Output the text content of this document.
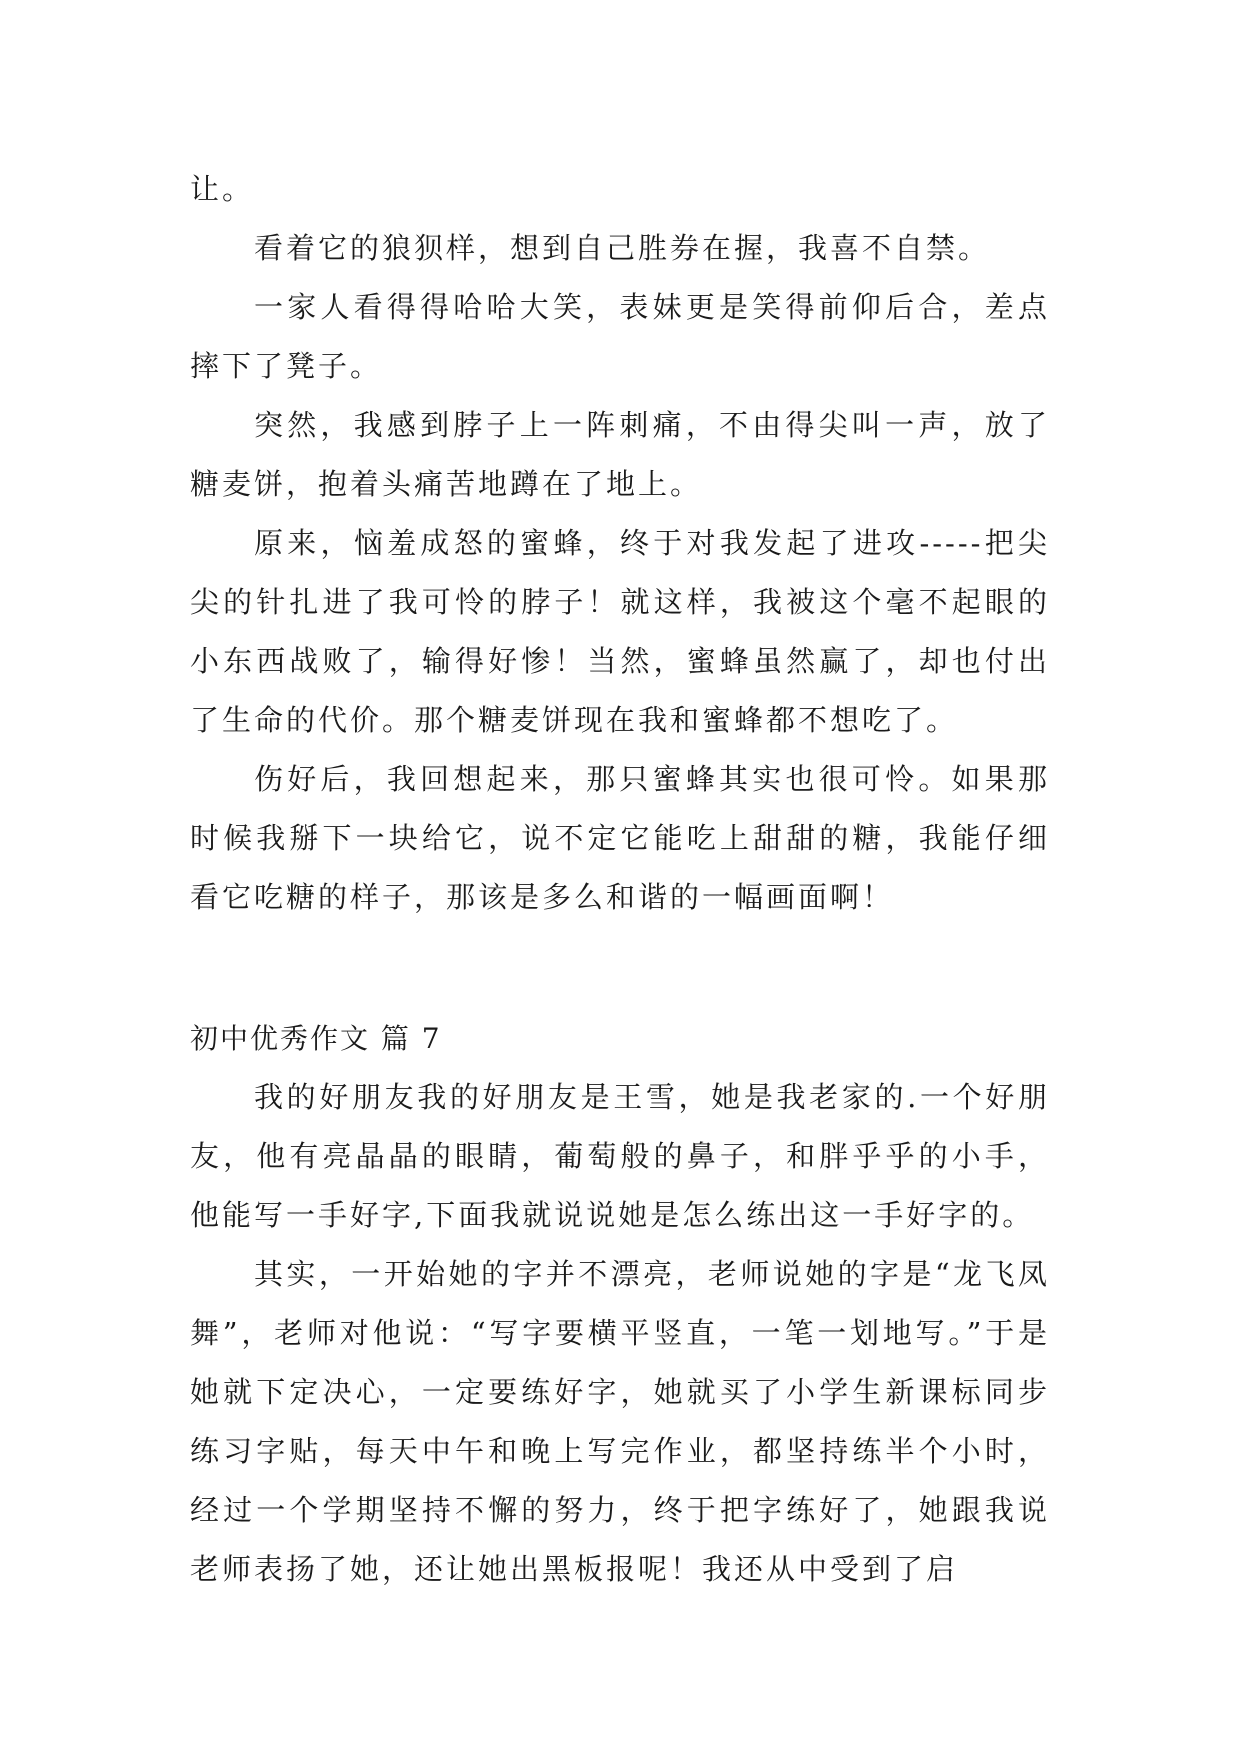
让。

看着它的狼狈样，想到自己胜券在握，我喜不自禁。

一家人看得得哈哈大笑，表妹更是笑得前仰后合，差点摔下了凳子。

突然，我感到脖子上一阵刺痛，不由得尖叫一声，放了糖麦饼，抱着头痛苦地蹲在了地上。

原来，恼羞成怒的蜜蜂，终于对我发起了进攻-----把尖尖的针扎进了我可怜的脖子！就这样，我被这个毫不起眼的小东西战败了，输得好惨！当然，蜜蜂虽然赢了，却也付出了生命的代价。那个糖麦饼现在我和蜜蜂都不想吃了。

伤好后，我回想起来，那只蜜蜂其实也很可怜。如果那时候我掰下一块给它，说不定它能吃上甜甜的糖，我能仔细看它吃糖的样子，那该是多么和谐的一幅画面啊！

初中优秀作文 篇 7

我的好朋友我的好朋友是王雪，她是我老家的.一个好朋友，他有亮晶晶的眼睛，葡萄般的鼻子，和胖乎乎的小手，他能写一手好字,下面我就说说她是怎么练出这一手好字的。

其实，一开始她的字并不漂亮，老师说她的字是“龙飞凤舞”，老师对他说：“写字要横平竖直，一笔一划地写。”于是她就下定决心，一定要练好字，她就买了小学生新课标同步练习字贴，每天中午和晚上写完作业，都坚持练半个小时，经过一个学期坚持不懈的努力，终于把字练好了，她跟我说老师表扬了她，还让她出黑板报呢！我还从中受到了启
